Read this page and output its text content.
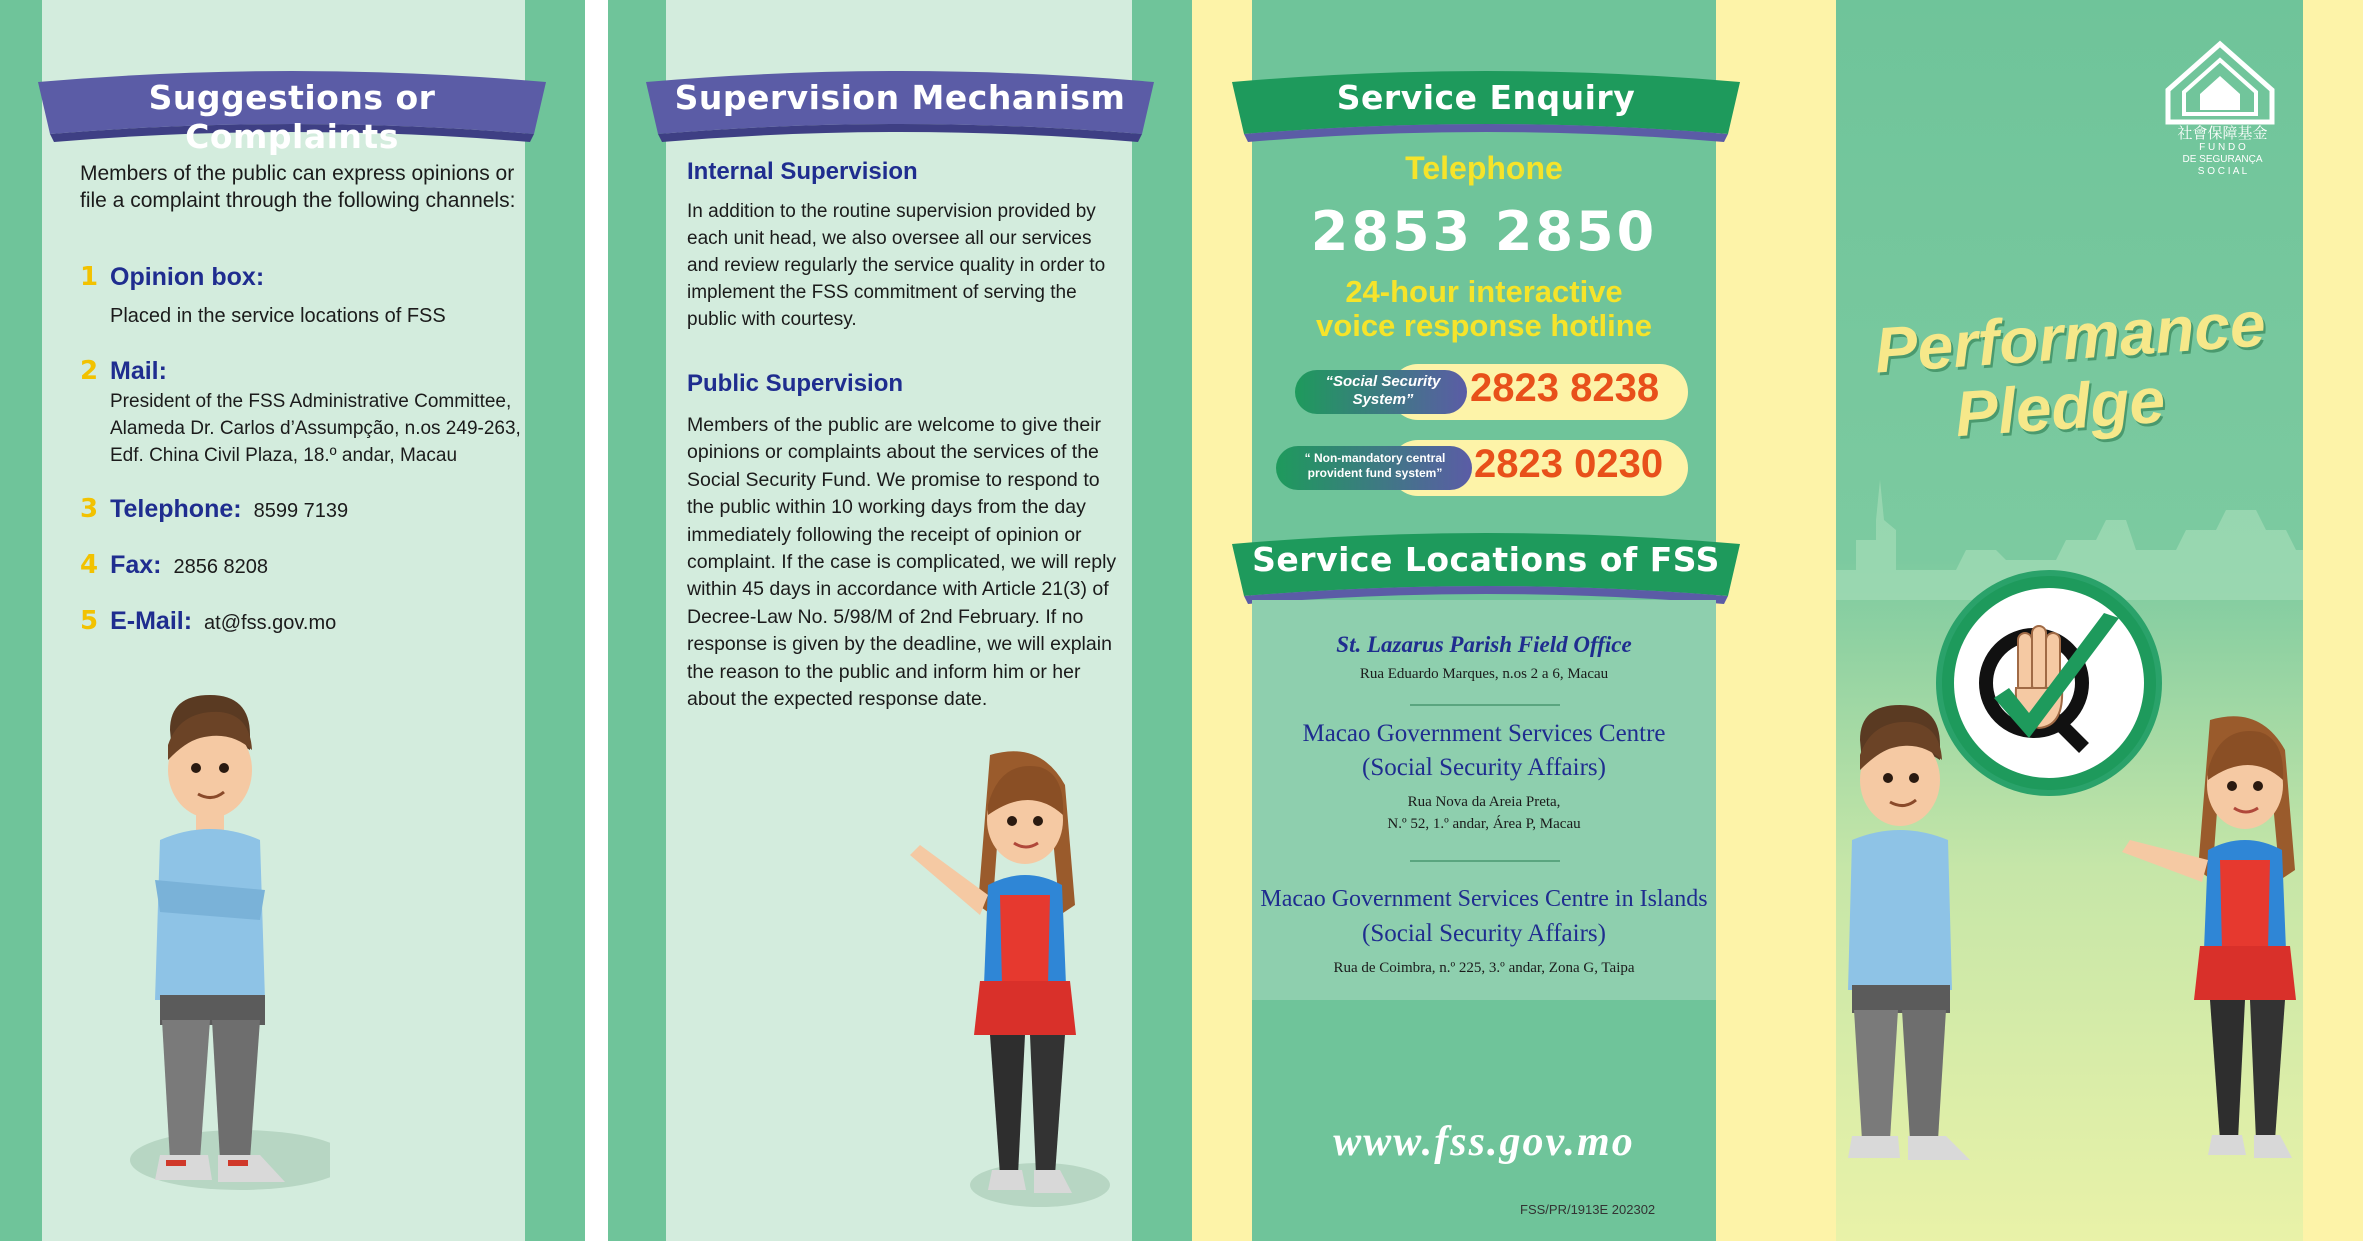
Suggestions or Complaints
Members of the public can express opinions or file a complaint through the following channels:
1 Opinion box:
Placed in the service locations of FSS
2 Mail:
President of the FSS Administrative Committee, Alameda Dr. Carlos d’Assumpção, n.os 249-263, Edf. China Civil Plaza, 18.º andar, Macau
3 Telephone: 8599 7139
4 Fax: 2856 8208
5 E-Mail: at@fss.gov.mo
Supervision Mechanism
Internal Supervision
In addition to the routine supervision provided by each unit head, we also oversee all our services and review regularly the service quality in order to implement the FSS commitment of serving the public with courtesy.
Public Supervision
Members of the public are welcome to give their opinions or complaints about the services of the Social Security Fund. We promise to respond to the public within 10 working days from the day immediately following the receipt of opinion or complaint. If the case is complicated, we will reply within 45 days in accordance with Article 21(3) of Decree-Law No. 5/98/M of 2nd February. If no response is given by the deadline, we will explain the reason to the public and inform him or her about the expected response date.
Service Enquiry
Telephone
2853 2850
24-hour interactive
voice response hotline
“Social Security System”	2823 8238
“ Non-mandatory central provident fund system” 2823 0230
Service Locations of FSS
St. Lazarus Parish Field Office
Rua Eduardo Marques, n.os 2 a 6, Macau
Macao Government Services Centre
(Social Security Affairs)
Rua Nova da Areia Preta,
N.º 52, 1.º andar, Área P, Macau
Macao Government Services Centre in Islands
(Social Security Affairs)
Rua de Coimbra, n.º 225, 3.º andar, Zona G, Taipa
www.fss.gov.mo
FSS/PR/1913E 202302
社會保障基金
F U N D O
DE SEGURANÇA
S O C I A L
Performance
Pledge
